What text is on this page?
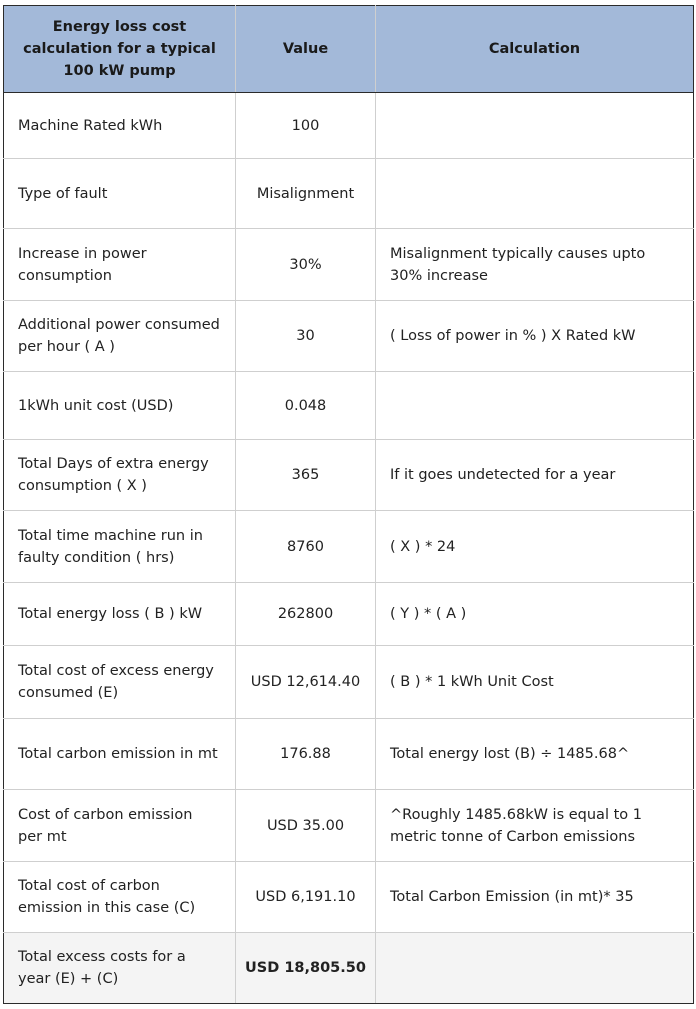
Energy loss cost calculation for a typical 100 kW pump	Value	Calculation
Machine Rated kWh	100	
Type of fault	Misalignment	
Increase in power consumption	30%	Misalignment typically causes upto 30% increase
Additional power consumed per hour ( A )	30	( Loss of power in % ) X Rated kW
1kWh unit cost (USD)	0.048	
Total Days of extra energy consumption ( X )	365	If it goes undetected for a year
Total time machine run in faulty condition ( hrs)	8760	( X ) * 24
Total energy loss ( B ) kW	262800	( Y ) * ( A )
Total cost of excess energy consumed (E)	USD 12,614.40	( B ) * 1 kWh Unit Cost
Total carbon emission in mt	176.88	Total energy lost (B) ÷ 1485.68^
Cost of carbon emission per mt	USD 35.00	^Roughly 1485.68kW is equal to 1 metric tonne of Carbon emissions
Total cost of carbon emission in this case (C)	USD 6,191.10	Total Carbon Emission (in mt)* 35
Total excess costs for a year (E) + (C)	USD 18,805.50	
